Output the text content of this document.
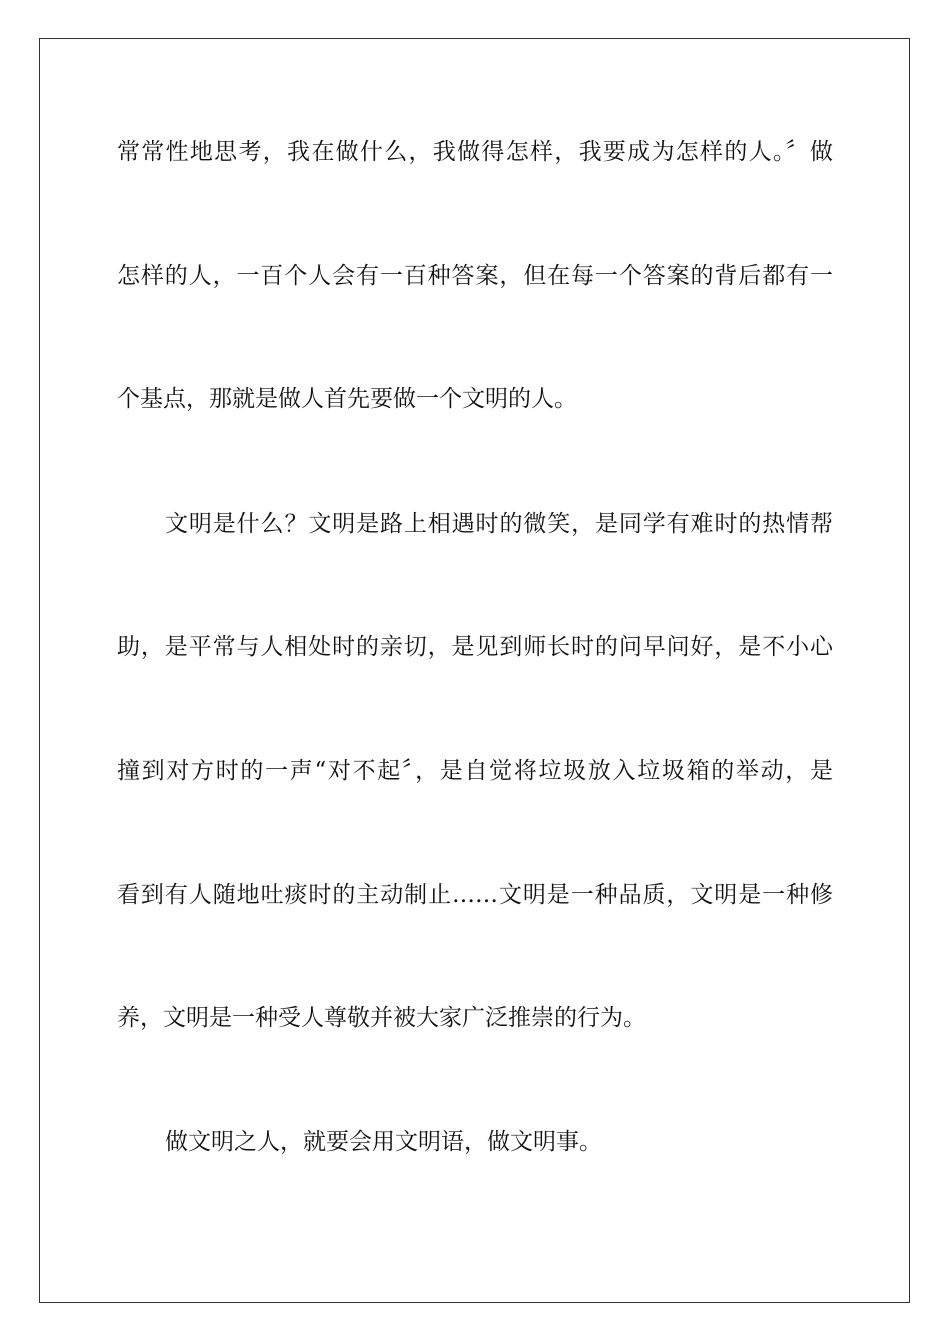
常常性地思考，我在做什么，我做得怎样，我要成为怎样的人。〞做
怎样的人，一百个人会有一百种答案，但在每一个答案的背后都有一
个基点，那就是做人首先要做一个文明的人。
文明是什么？文明是路上相遇时的微笑，是同学有难时的热情帮
助，是平常与人相处时的亲切，是见到师长时的问早问好，是不小心
撞到对方时的一声“对不起〞，是自觉将垃圾放入垃圾箱的举动，是
看到有人随地吐痰时的主动制止……文明是一种品质，文明是一种修
养，文明是一种受人尊敬并被大家广泛推崇的行为。
做文明之人，就要会用文明语，做文明事。
